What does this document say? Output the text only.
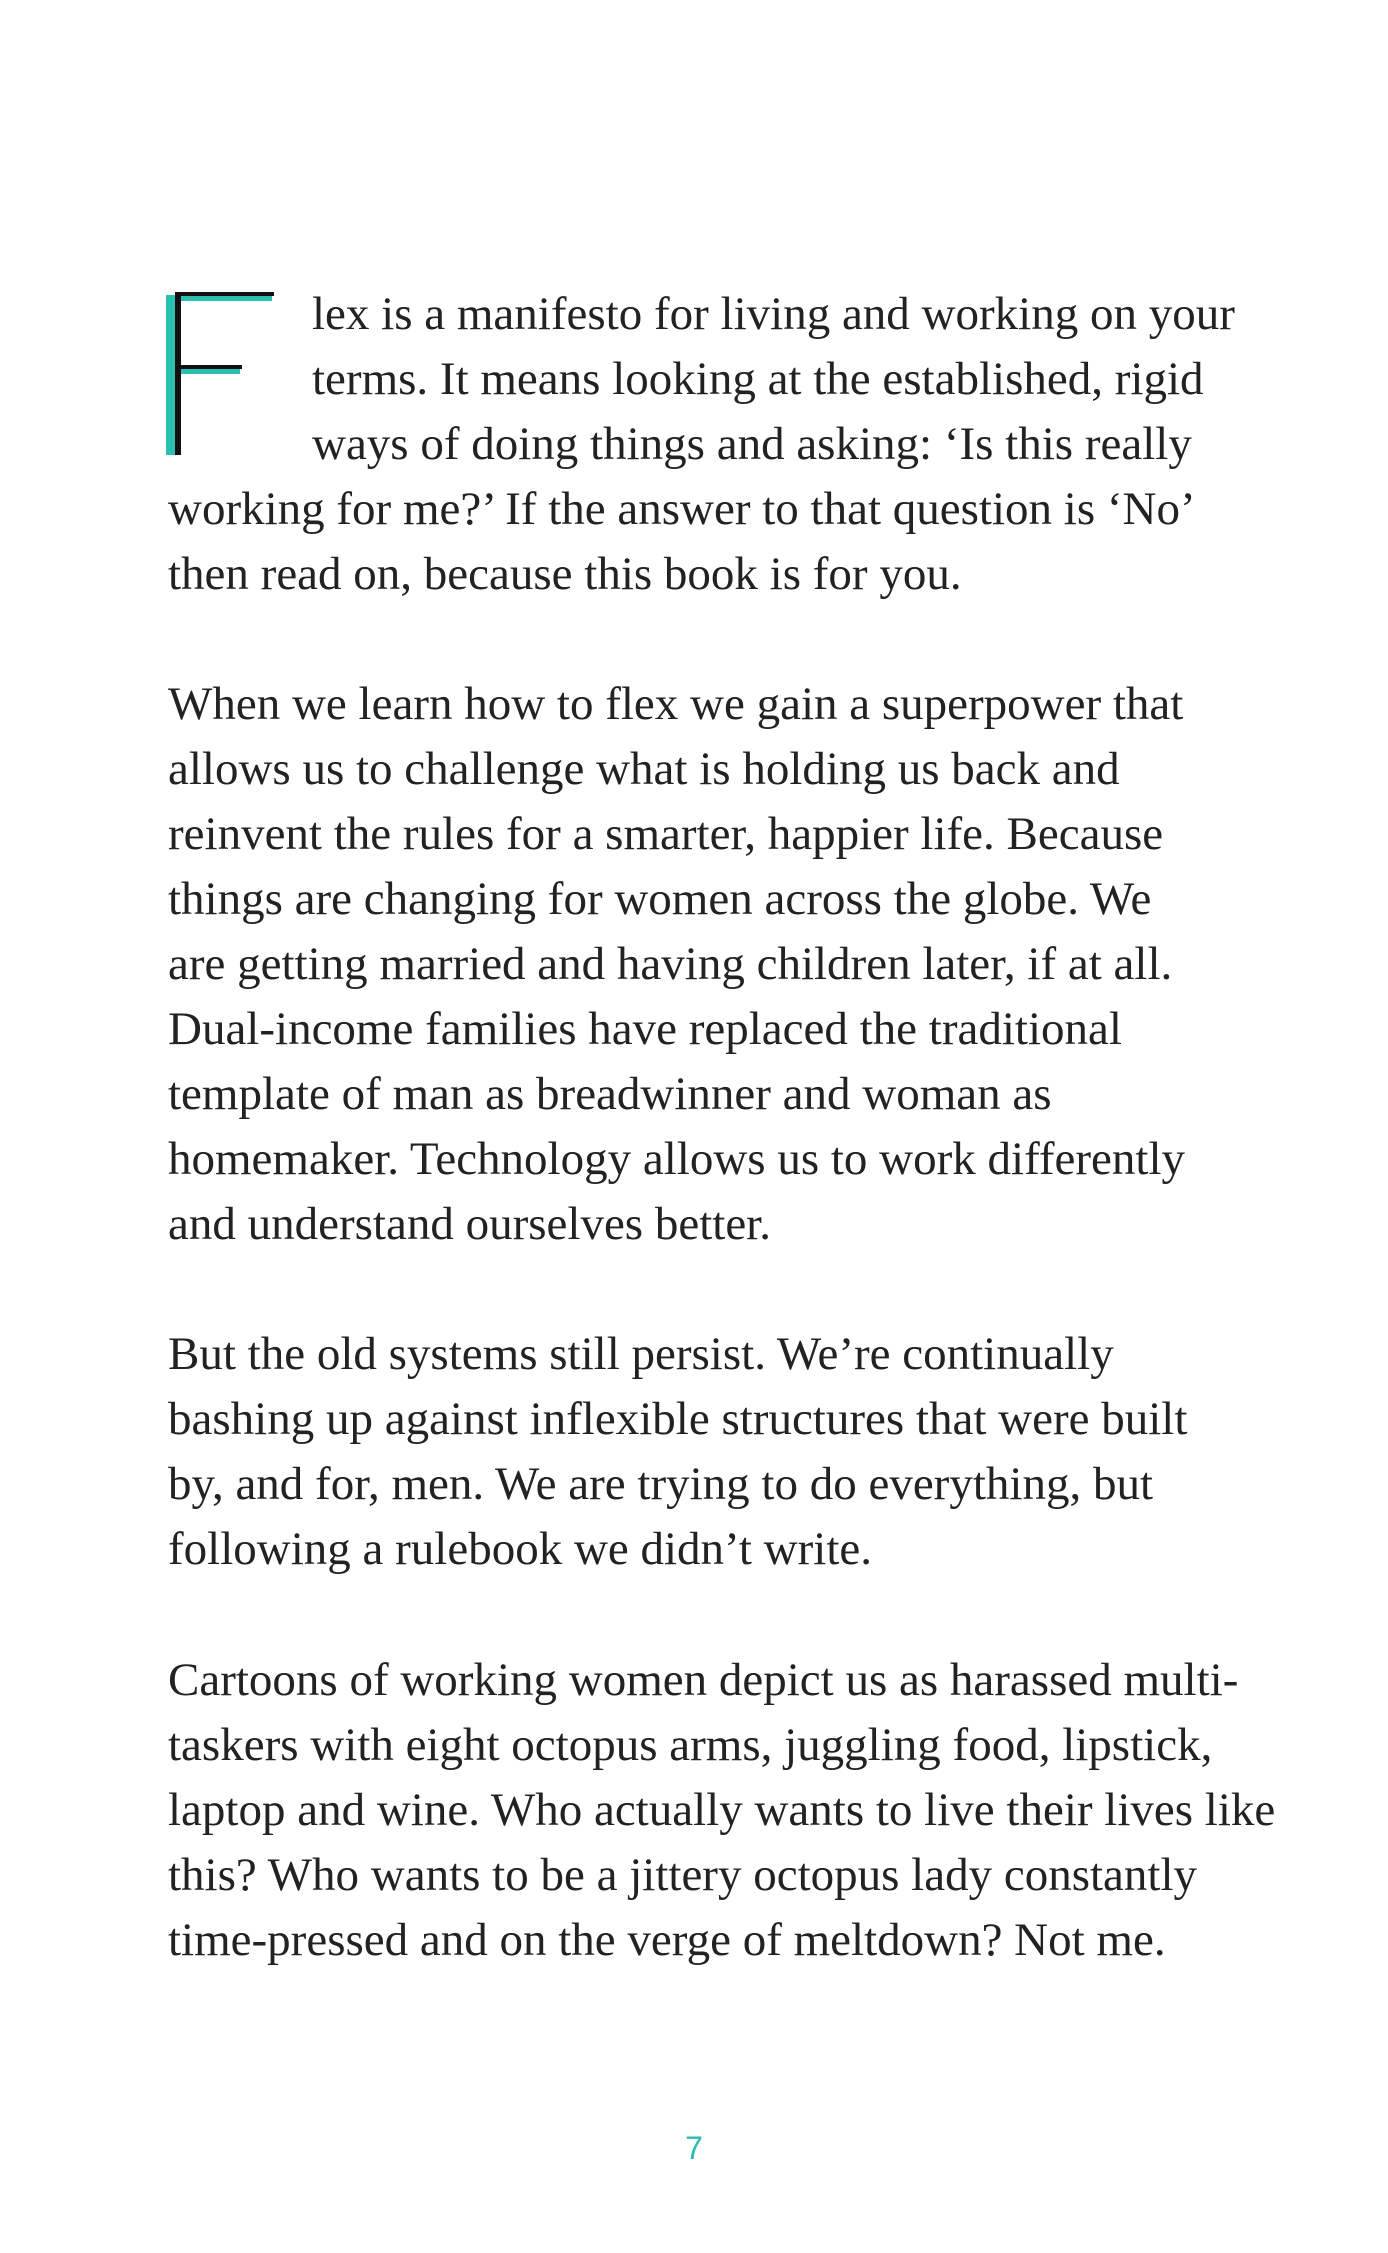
lex is a manifesto for living and working on your
terms. It means looking at the established, rigid
ways of doing things and asking: ‘Is this really
working for me?’ If the answer to that question is ‘No’
then read on, because this book is for you.
When we learn how to flex we gain a superpower that
allows us to challenge what is holding us back and
reinvent the rules for a smarter, happier life. Because
things are changing for women across the globe. We
are getting married and having children later, if at all.
Dual-income families have replaced the traditional
template of man as breadwinner and woman as
homemaker. Technology allows us to work differently
and understand ourselves better.
But the old systems still persist. We’re continually
bashing up against inflexible structures that were built
by, and for, men. We are trying to do everything, but
following a rulebook we didn’t write.
Cartoons of working women depict us as harassed multi-
taskers with eight octopus arms, juggling food, lipstick,
laptop and wine. Who actually wants to live their lives like
this? Who wants to be a jittery octopus lady constantly
time-pressed and on the verge of meltdown? Not me.
7
